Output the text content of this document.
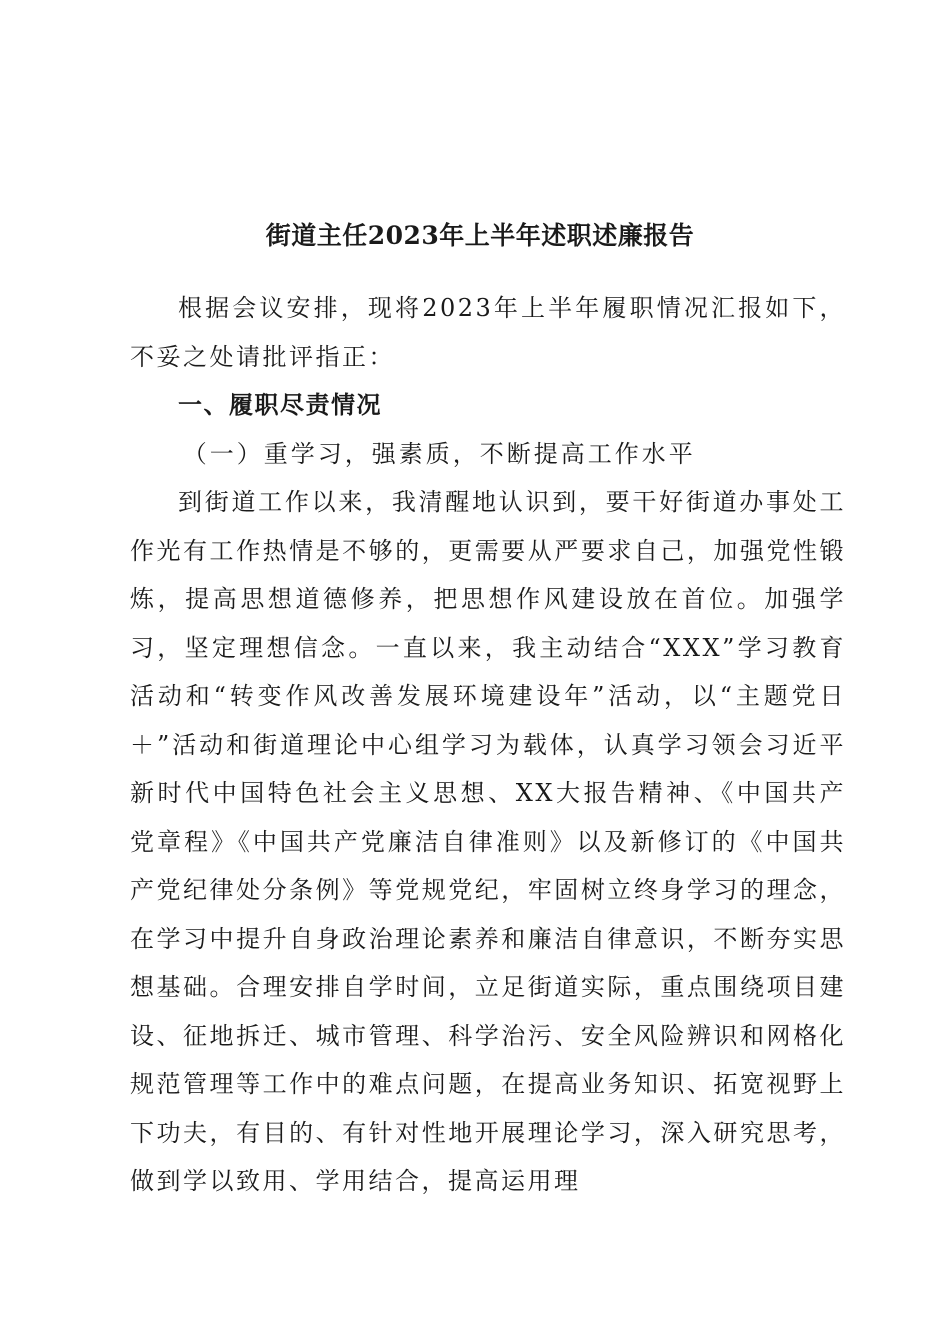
街道主任2023年上半年述职述廉报告

根据会议安排，现将2023年上半年履职情况汇报如下，不妥之处请批评指正：

一、履职尽责情况

（一）重学习，强素质，不断提高工作水平

到街道工作以来，我清醒地认识到，要干好街道办事处工作光有工作热情是不够的，更需要从严要求自己，加强党性锻炼，提高思想道德修养，把思想作风建设放在首位。加强学习，坚定理想信念。一直以来，我主动结合“XXX”学习教育活动和“转变作风改善发展环境建设年”活动，以“主题党日＋”活动和街道理论中心组学习为载体，认真学习领会习近平新时代中国特色社会主义思想、XX大报告精神、《中国共产党章程》《中国共产党廉洁自律准则》以及新修订的《中国共产党纪律处分条例》等党规党纪，牢固树立终身学习的理念，在学习中提升自身政治理论素养和廉洁自律意识，不断夯实思想基础。合理安排自学时间，立足街道实际，重点围绕项目建设、征地拆迁、城市管理、科学治污、安全风险辨识和网格化规范管理等工作中的难点问题，在提高业务知识、拓宽视野上下功夫，有目的、有针对性地开展理论学习，深入研究思考，做到学以致用、学用结合，提高运用理
